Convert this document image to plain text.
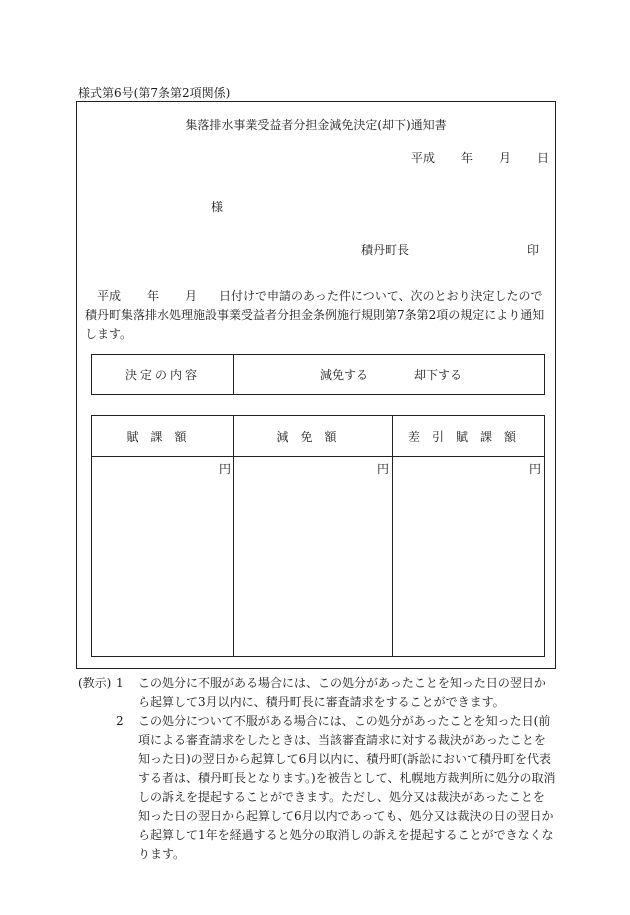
様式第6号(第7条第2項関係)
集落排水事業受益者分担金減免決定(却下)通知書
平成 年 月 日
様
積丹町長	印
平成 年 月 日付けで申請のあった件について、次のとおり決定したので積丹町集落排水処理施設事業受益者分担金条例施行規則第7条第2項の規定により通知します。
決定の内容	減免する	却下する
賦課額	減免額	差引賦課額
円	円	円
(教示) 1 この処分に不服がある場合には、この処分があったことを知った日の翌日から起算して3月以内に、積丹町長に審査請求をすることができます。
2 この処分について不服がある場合には、この処分があったことを知った日(前項による審査請求をしたときは、当該審査請求に対する裁決があったことを知った日)の翌日から起算して6月以内に、積丹町(訴訟において積丹町を代表する者は、積丹町長となります。)を被告として、札幌地方裁判所に処分の取消しの訴えを提起することができます。ただし、処分又は裁決があったことを知った日の翌日から起算して6月以内であっても、処分又は裁決の日の翌日から起算して1年を経過すると処分の取消しの訴えを提起することができなくなります。
